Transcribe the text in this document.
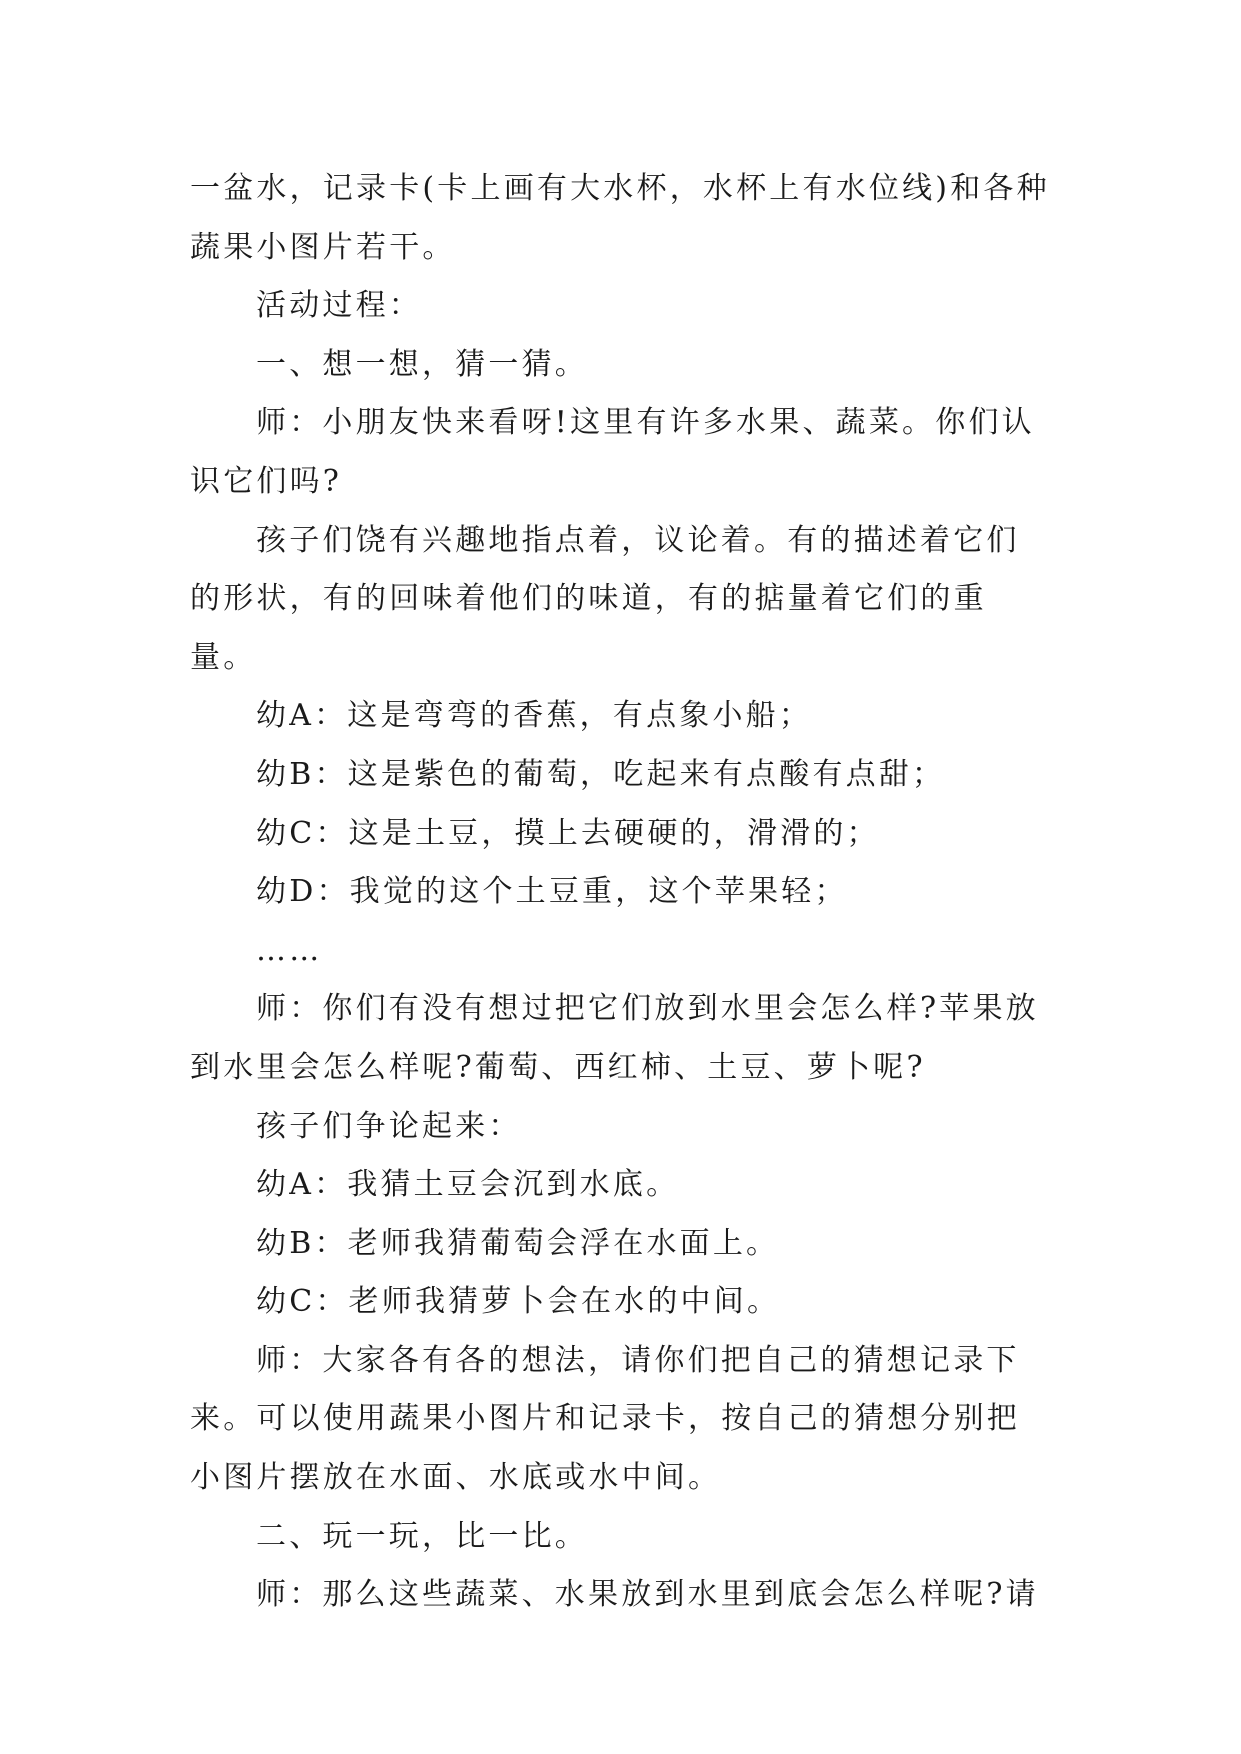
一盆水，记录卡(卡上画有大水杯，水杯上有水位线)和各种蔬果小图片若干。

活动过程：

一、想一想，猜一猜。

师：小朋友快来看呀!这里有许多水果、蔬菜。你们认识它们吗?

孩子们饶有兴趣地指点着，议论着。有的描述着它们的形状，有的回味着他们的味道，有的掂量着它们的重量。

幼A：这是弯弯的香蕉，有点象小船；

幼B：这是紫色的葡萄，吃起来有点酸有点甜；

幼C：这是土豆，摸上去硬硬的，滑滑的；

幼D：我觉的这个土豆重，这个苹果轻；

……

师：你们有没有想过把它们放到水里会怎么样?苹果放到水里会怎么样呢?葡萄、西红柿、土豆、萝卜呢?

孩子们争论起来：

幼A：我猜土豆会沉到水底。

幼B：老师我猜葡萄会浮在水面上。

幼C：老师我猜萝卜会在水的中间。

师：大家各有各的想法，请你们把自己的猜想记录下来。可以使用蔬果小图片和记录卡，按自己的猜想分别把小图片摆放在水面、水底或水中间。

二、玩一玩，比一比。

师：那么这些蔬菜、水果放到水里到底会怎么样呢?请
